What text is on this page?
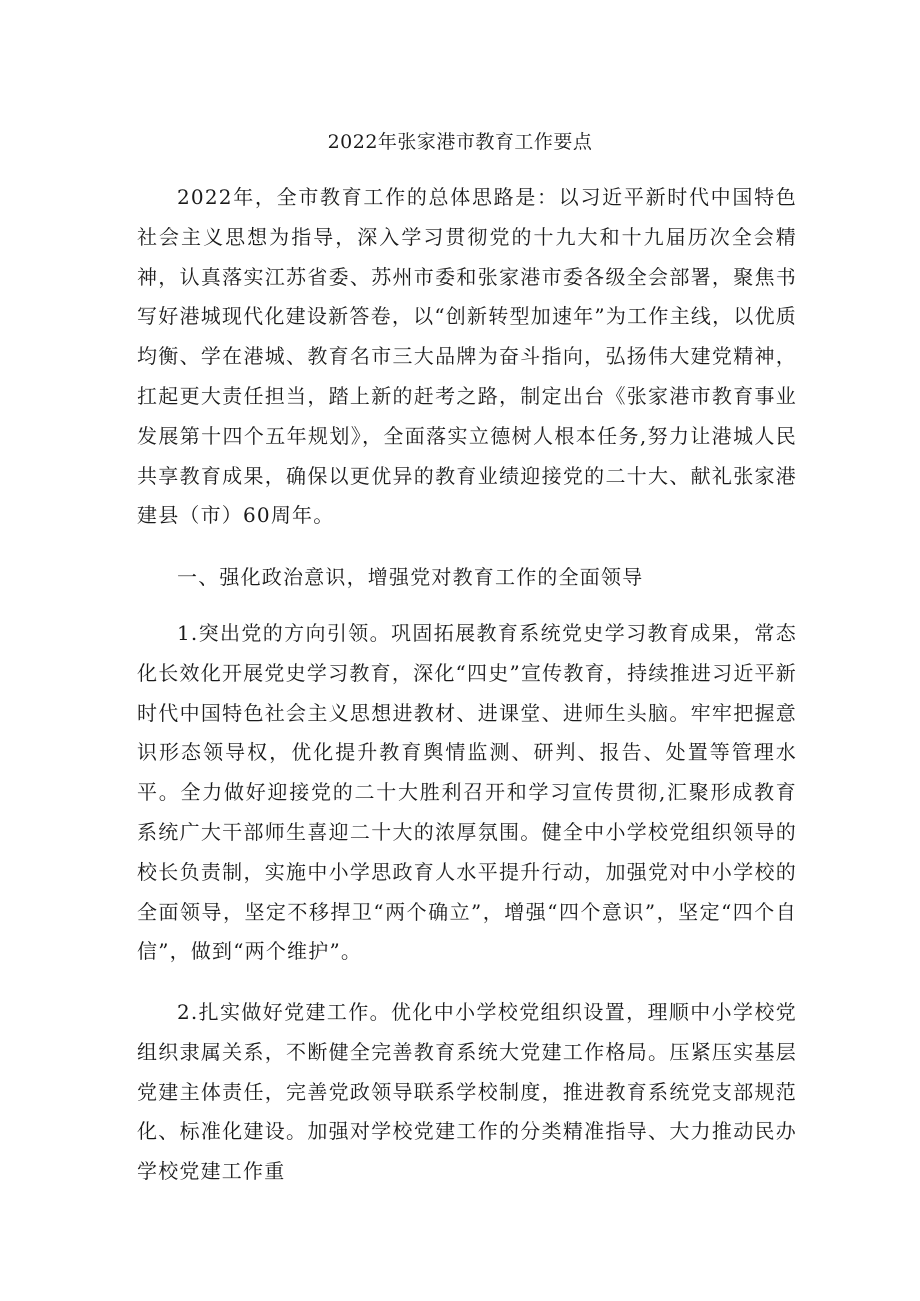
2022年张家港市教育工作要点

2022年，全市教育工作的总体思路是：以习近平新时代中国特色社会主义思想为指导，深入学习贯彻党的十九大和十九届历次全会精神，认真落实江苏省委、苏州市委和张家港市委各级全会部署，聚焦书写好港城现代化建设新答卷，以“创新转型加速年”为工作主线，以优质均衡、学在港城、教育名市三大品牌为奋斗指向，弘扬伟大建党精神，扛起更大责任担当，踏上新的赶考之路，制定出台《张家港市教育事业发展第十四个五年规划》，全面落实立德树人根本任务,努力让港城人民共享教育成果，确保以更优异的教育业绩迎接党的二十大、献礼张家港建县（市）60周年。

一、强化政治意识，增强党对教育工作的全面领导

1.突出党的方向引领。巩固拓展教育系统党史学习教育成果，常态化长效化开展党史学习教育，深化“四史”宣传教育，持续推进习近平新时代中国特色社会主义思想进教材、进课堂、进师生头脑。牢牢把握意识形态领导权，优化提升教育舆情监测、研判、报告、处置等管理水平。全力做好迎接党的二十大胜利召开和学习宣传贯彻,汇聚形成教育系统广大干部师生喜迎二十大的浓厚氛围。健全中小学校党组织领导的校长负责制，实施中小学思政育人水平提升行动，加强党对中小学校的全面领导，坚定不移捍卫“两个确立”，增强“四个意识”，坚定“四个自信”，做到“两个维护”。

2.扎实做好党建工作。优化中小学校党组织设置，理顺中小学校党组织隶属关系，不断健全完善教育系统大党建工作格局。压紧压实基层党建主体责任，完善党政领导联系学校制度，推进教育系统党支部规范化、标准化建设。加强对学校党建工作的分类精准指导、大力推动民办学校党建工作重
